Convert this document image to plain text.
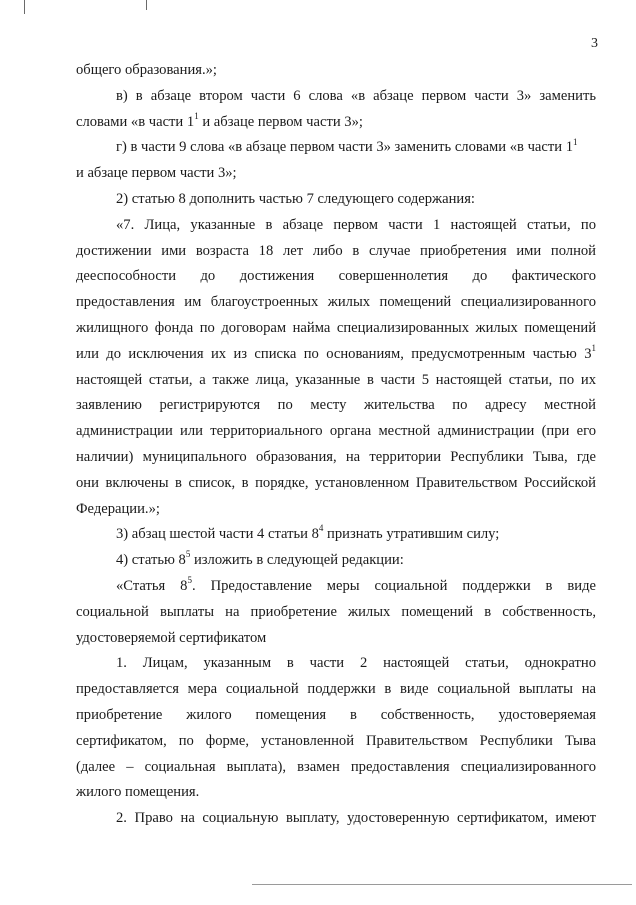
3

общего образования.»;

в) в абзаце втором части 6 слова «в абзаце первом части 3» заменить

словами «в части $1^1$ и абзаце первом части 3»;

г) в части 9 слова «в абзаце первом части 3» заменить словами «в части $1^1$

и абзаце первом части 3»;

2) статью 8 дополнить частью 7 следующего содержания:

«7. Лица, указанные в абзаце первом части 1 настоящей статьи, по

достижении ими возраста 18 лет либо в случае приобретения ими полной

дееспособности до достижения совершеннолетия до фактического

предоставления им благоустроенных жилых помещений специализированного

жилищного фонда по договорам найма специализированных жилых помещений

или до исключения их из списка по основаниям, предусмотренным частью $3^1$

настоящей статьи, а также лица, указанные в части 5 настоящей статьи, по их

заявлению регистрируются по месту жительства по адресу местной

администрации или территориального органа местной администрации (при его

наличии) муниципального образования, на территории Республики Тыва, где

они включены в список, в порядке, установленном Правительством Российской

Федерации.»;

3) абзац шестой части 4 статьи $8^4$ признать утратившим силу;

4) статью $8^5$ изложить в следующей редакции:

«Статья $8^5$. Предоставление меры социальной поддержки в виде

социальной выплаты на приобретение жилых помещений в собственность,

удостоверяемой сертификатом

1. Лицам, указанным в части 2 настоящей статьи, однократно

предоставляется мера социальной поддержки в виде социальной выплаты на

приобретение жилого помещения в собственность, удостоверяемая

сертификатом, по форме, установленной Правительством Республики Тыва

(далее – социальная выплата), взамен предоставления специализированного

жилого помещения.

2. Право на социальную выплату, удостоверенную сертификатом, имеют
